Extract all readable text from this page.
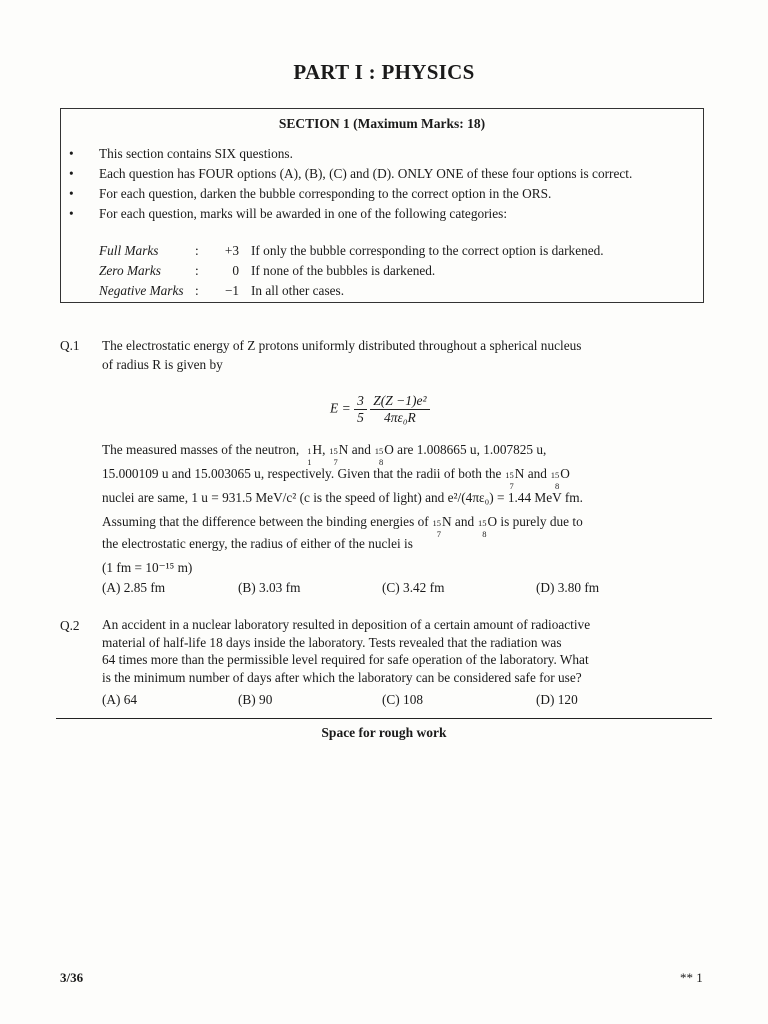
PART I : PHYSICS
SECTION 1 (Maximum Marks: 18)
• This section contains SIX questions.
• Each question has FOUR options (A), (B), (C) and (D). ONLY ONE of these four options is correct.
• For each question, darken the bubble corresponding to the correct option in the ORS.
• For each question, marks will be awarded in one of the following categories:
Full Marks	:	+3 If only the bubble corresponding to the correct option is darkened.
Zero Marks	:	0 If none of the bubbles is darkened.
Negative Marks :	−1 In all other cases.
Q.1 The electrostatic energy of Z protons uniformly distributed throughout a spherical nucleus
of radius R is given by
$E = \frac{3}{5}$
$\frac{\text{Z(Z −1)e²}}{\text{4πε₀R}}$
The measured masses of the neutron, 1
1
H, 15
7
N and 15
8
O are 1.008665 u, 1.007825 u,
15.000109 u and 15.003065 u, respectively. Given that the radii of both the 15
7
N and 15
8
O
nuclei are same, 1 u = 931.5 MeV/c² (c is the speed of light) and e²/(4πε₀) = 1.44 MeV fm.
Assuming that the difference between the binding energies of 15
7
N and 15
8
O is purely due to
the electrostatic energy, the radius of either of the nuclei is
(1 fm = 10⁻¹⁵ m)
(A) 2.85 fm	(B) 3.03 fm	(C) 3.42 fm	(D) 3.80 fm
Q.2 An accident in a nuclear laboratory resulted in deposition of a certain amount of radioactive
material of half-life 18 days inside the laboratory. Tests revealed that the radiation was
64 times more than the permissible level required for safe operation of the laboratory. What
is the minimum number of days after which the laboratory can be considered safe for use?
(A) 64	(B) 90	(C) 108	(D) 120
Space for rough work
3/36	** 1
